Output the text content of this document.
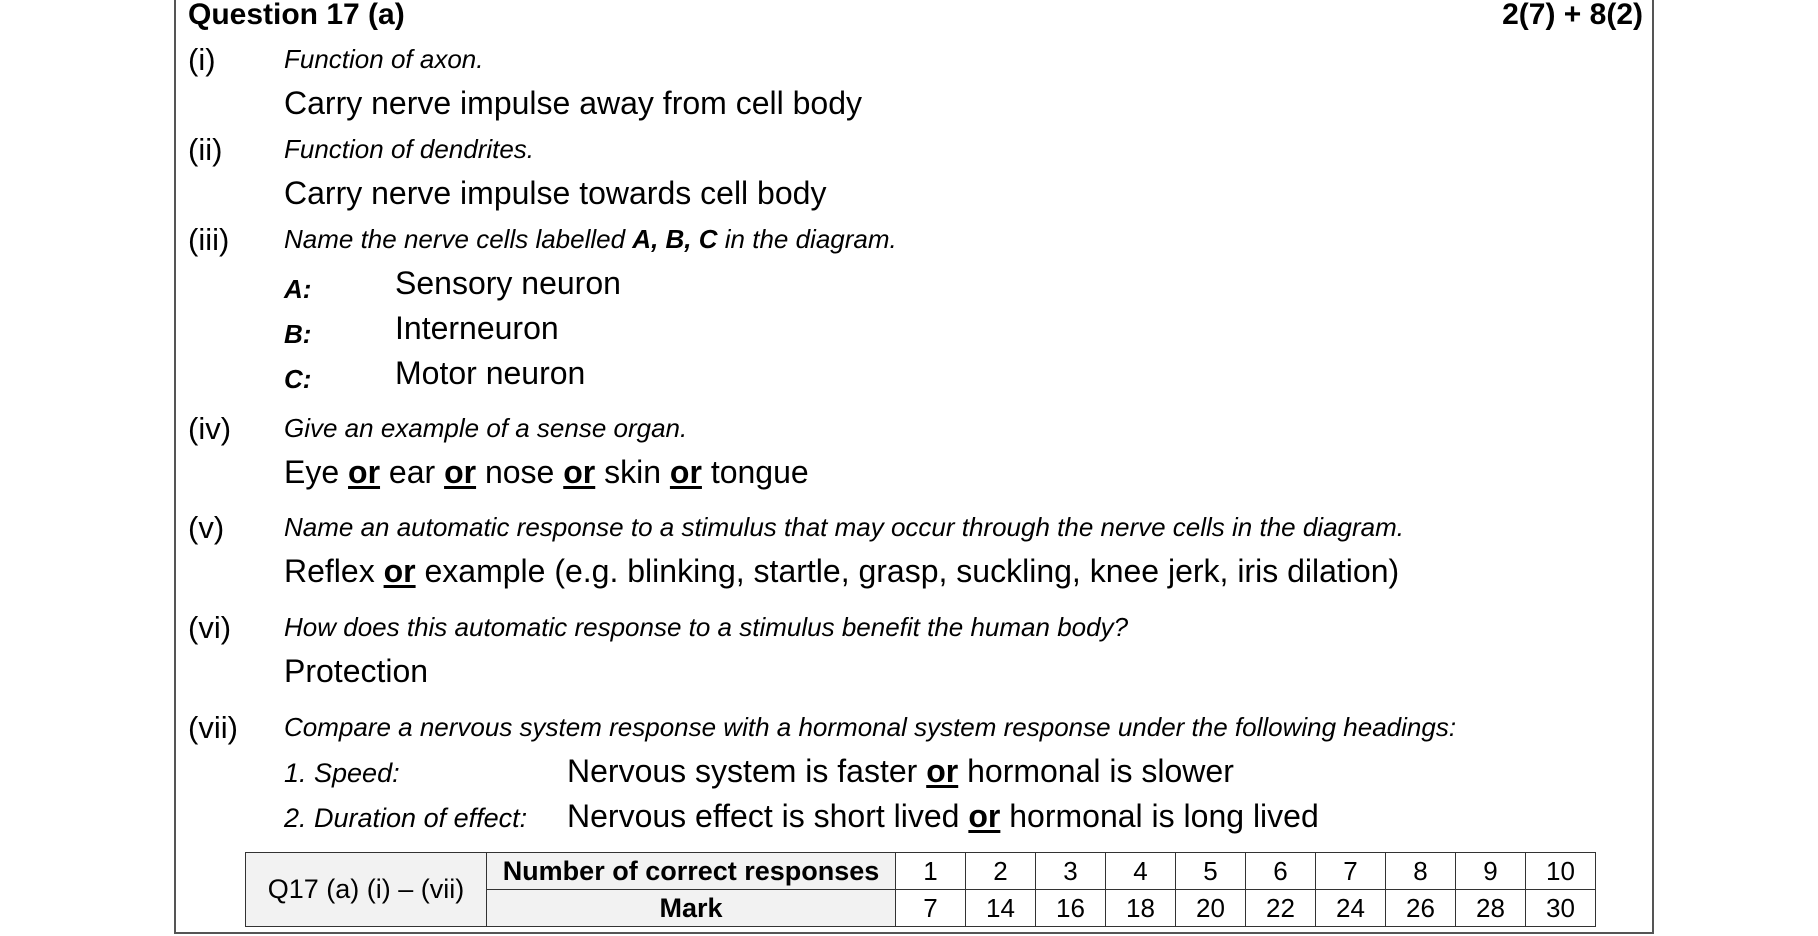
Question 17 (a)	2(7) + 8(2)
(i)	Function of axon.
Carry nerve impulse away from cell body
(ii) Function of dendrites.
Carry nerve impulse towards cell body
(iii) Name the nerve cells labelled A, B, C in the diagram.
A:	Sensory neuron
B:	Interneuron
C:	Motor neuron
(iv) Give an example of a sense organ.
Eye or ear or nose or skin or tongue
(v) Name an automatic response to a stimulus that may occur through the nerve cells in the diagram.
Reflex or example (e.g. blinking, startle, grasp, suckling, knee jerk, iris dilation)
(vi) How does this automatic response to a stimulus benefit the human body?
Protection
(vii) Compare a nervous system response with a hormonal system response under the following headings:
1. Speed:	Nervous system is faster or hormonal is slower
2. Duration of effect: Nervous effect is short lived or hormonal is long lived
Q17 (a) (i) – (vii)	Number of correct responses	1	2	3	4	5	6	7	8	9	10
	Mark	7	14	16	18	20	22	24	26	28	30
